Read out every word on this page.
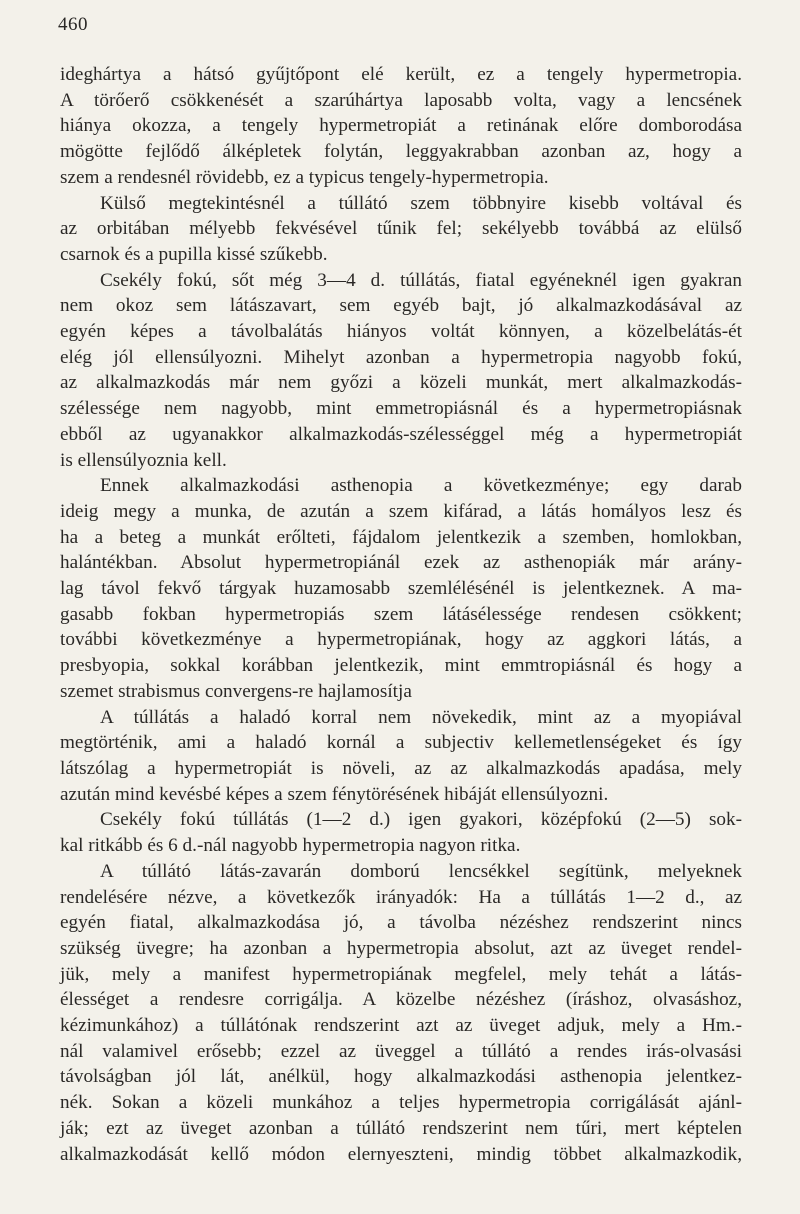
460
ideghártya a hátsó gyűjtőpont elé került, ez a tengely hypermetropia.
A törőerő csökkenését a szarúhártya laposabb volta, vagy a lencsének
hiánya okozza, a tengely hypermetropiát a retinának előre domborodása
mögötte fejlődő álképletek folytán, leggyakrabban azonban az, hogy a
szem a rendesnél rövidebb, ez a typicus tengely-hypermetropia.
Külső megtekintésnél a túllátó szem többnyire kisebb voltával és
az orbitában mélyebb fekvésével tűnik fel; sekélyebb továbbá az elülső
csarnok és a pupilla kissé szűkebb.
Csekély fokú, sőt még 3—4 d. túllátás, fiatal egyéneknél igen gyakran
nem okoz sem látászavart, sem egyéb bajt, jó alkalmazkodásával az
egyén képes a távolbalátás hiányos voltát könnyen, a közelbelátás-ét
elég jól ellensúlyozni. Mihelyt azonban a hypermetropia nagyobb fokú,
az alkalmazkodás már nem győzi a közeli munkát, mert alkalmazkodás-
szélessége nem nagyobb, mint emmetropiásnál és a hypermetropiásnak
ebből az ugyanakkor alkalmazkodás-szélességgel még a hypermetropiát
is ellensúlyoznia kell.
Ennek alkalmazkodási asthenopia a következménye; egy darab
ideig megy a munka, de azután a szem kifárad, a látás homályos lesz és
ha a beteg a munkát erőlteti, fájdalom jelentkezik a szemben, homlokban,
halántékban. Absolut hypermetropiánál ezek az asthenopiák már arány-
lag távol fekvő tárgyak huzamosabb szemlélésénél is jelentkeznek. A ma-
gasabb fokban hypermetropiás szem látásélessége rendesen csökkent;
további következménye a hypermetropiának, hogy az aggkori látás, a
presbyopia, sokkal korábban jelentkezik, mint emmtropiásnál és hogy a
szemet strabismus convergens-re hajlamosítja
A túllátás a haladó korral nem növekedik, mint az a myopiával
megtörténik, ami a haladó kornál a subjectiv kellemetlenségeket és így
látszólag a hypermetropiát is növeli, az az alkalmazkodás apadása, mely
azután mind kevésbé képes a szem fénytörésének hibáját ellensúlyozni.
Csekély fokú túllátás (1—2 d.) igen gyakori, középfokú (2—5) sok-
kal ritkább és 6 d.-nál nagyobb hypermetropia nagyon ritka.
A túllátó látás-zavarán domború lencsékkel segítünk, melyeknek
rendelésére nézve, a következők irányadók: Ha a túllátás 1—2 d., az
egyén fiatal, alkalmazkodása jó, a távolba nézéshez rendszerint nincs
szükség üvegre; ha azonban a hypermetropia absolut, azt az üveget rendel-
jük, mely a manifest hypermetropiának megfelel, mely tehát a látás-
élességet a rendesre corrigálja. A közelbe nézéshez (íráshoz, olvasáshoz,
kézimunkához) a túllátónak rendszerint azt az üveget adjuk, mely a Hm.-
nál valamivel erősebb; ezzel az üveggel a túllátó a rendes irás-olvasási
távolságban jól lát, anélkül, hogy alkalmazkodási asthenopia jelentkez-
nék. Sokan a közeli munkához a teljes hypermetropia corrigálását ajánl-
ják; ezt az üveget azonban a túllátó rendszerint nem tűri, mert képtelen
alkalmazkodását kellő módon elernyeszteni, mindig többet alkalmazkodik,
